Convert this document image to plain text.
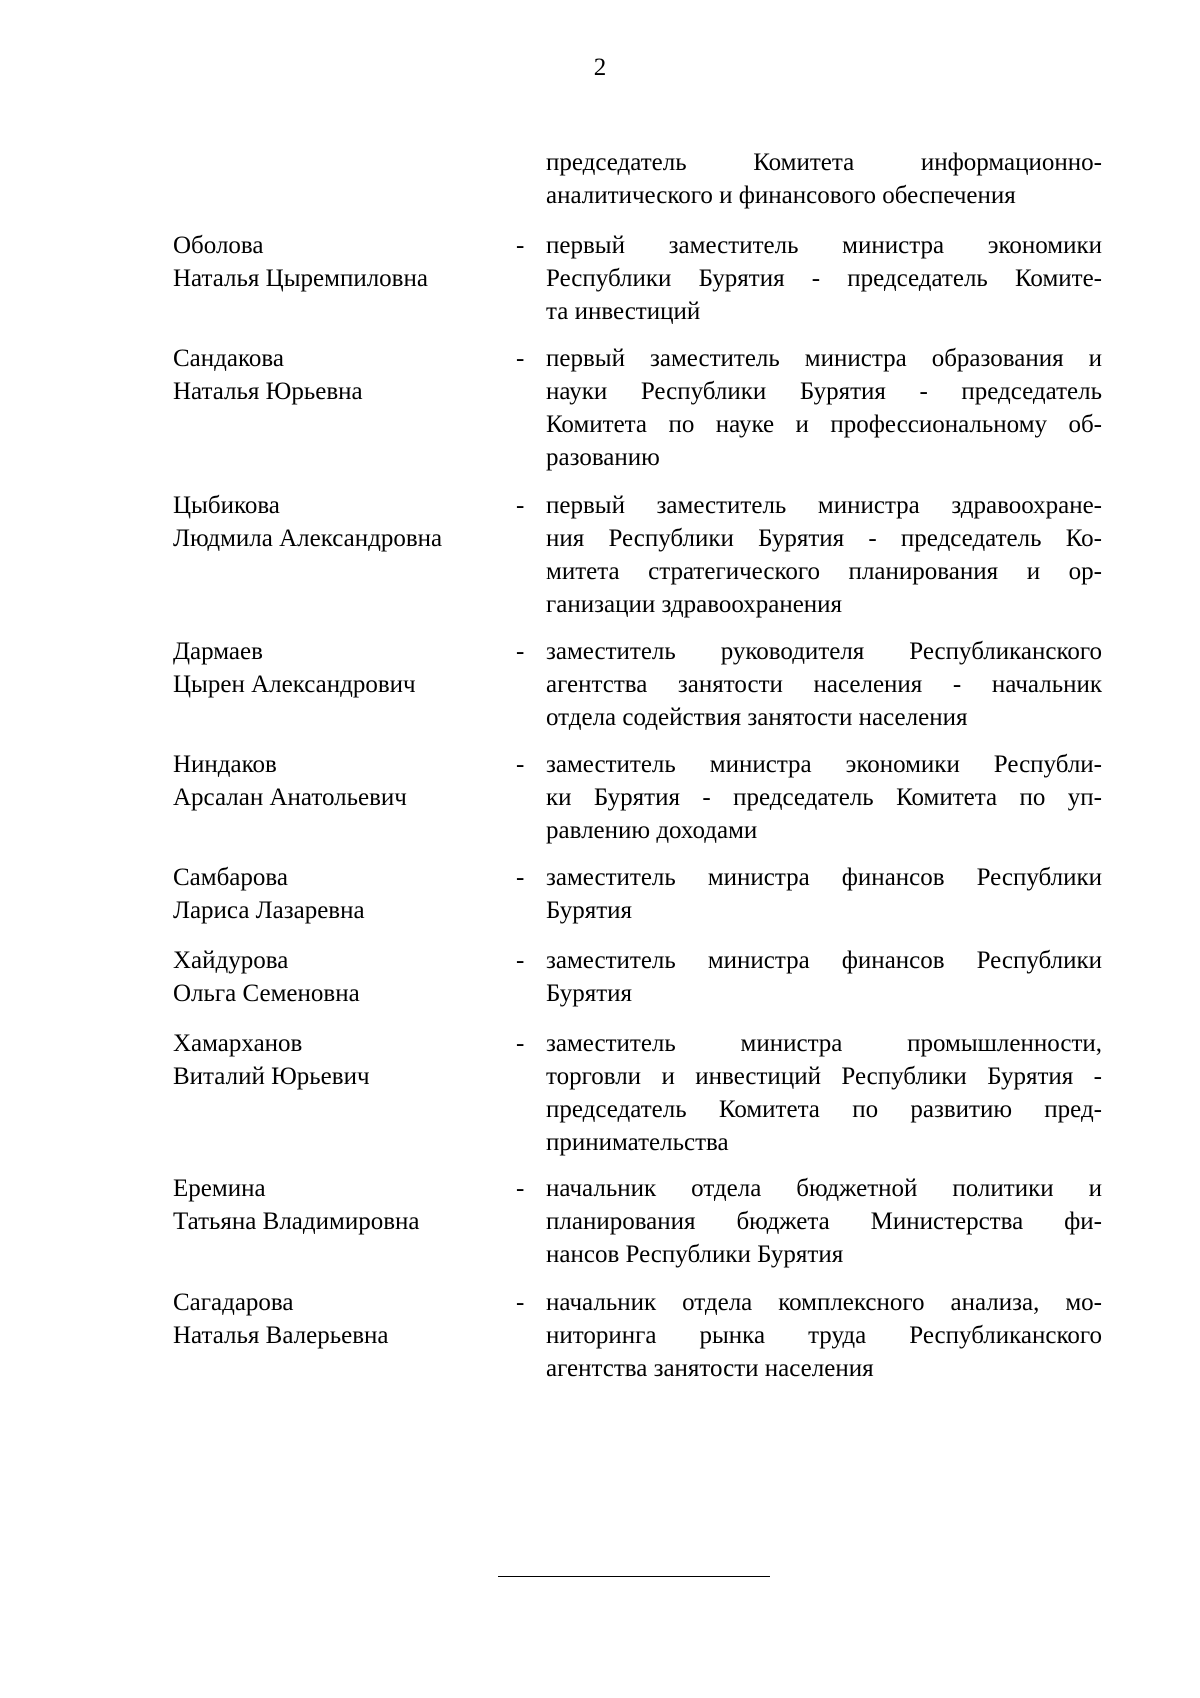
2
председатель Комитета информационно-
аналитического и финансового обеспечения
Оболова
Наталья Цыремпиловна
- первый заместитель министра экономики
Республики Бурятия - председатель Комите-
та инвестиций
Сандакова
Наталья Юрьевна
- первый заместитель министра образования и
науки Республики Бурятия - председатель
Комитета по науке и профессиональному об-
разованию
Цыбикова
Людмила Александровна
- первый заместитель министра здравоохране-
ния Республики Бурятия - председатель Ко-
митета стратегического планирования и ор-
ганизации здравоохранения
Дармаев
Цырен Александрович
- заместитель руководителя Республиканского
агентства занятости населения - начальник
отдела содействия занятости населения
Ниндаков
Арсалан Анатольевич
- заместитель министра экономики Республи-
ки Бурятия - председатель Комитета по уп-
равлению доходами
Самбарова
Лариса Лазаревна
- заместитель министра финансов Республики
Бурятия
Хайдурова
Ольга Семеновна
- заместитель министра финансов Республики
Бурятия
Хамарханов
Виталий Юрьевич
- заместитель министра промышленности,
торговли и инвестиций Республики Бурятия -
председатель Комитета по развитию пред-
принимательства
Еремина
Татьяна Владимировна
- начальник отдела бюджетной политики и
планирования бюджета Министерства фи-
нансов Республики Бурятия
Сагадарова
Наталья Валерьевна
- начальник отдела комплексного анализа, мо-
ниторинга рынка труда Республиканского
агентства занятости населения
